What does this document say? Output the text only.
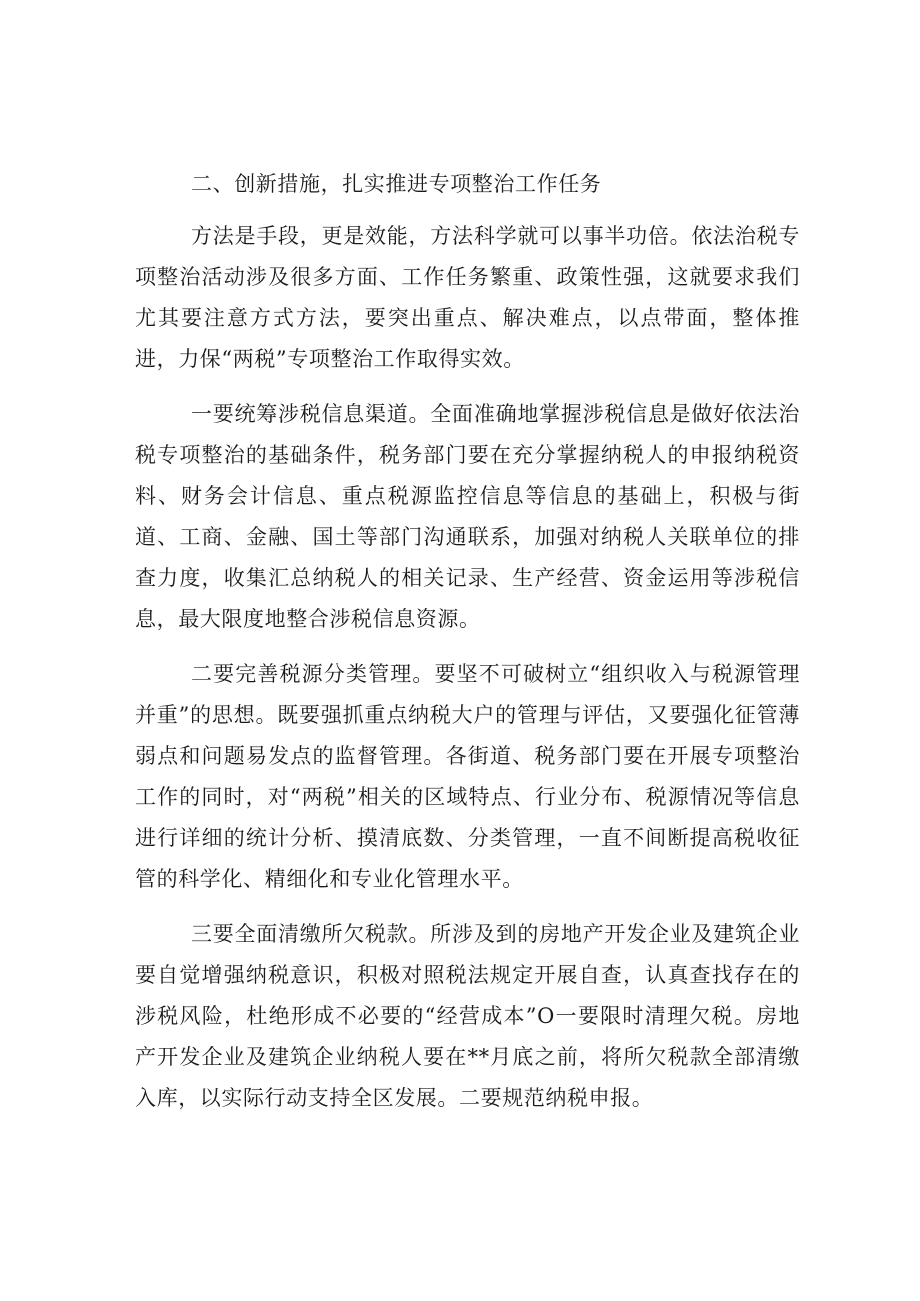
二、创新措施，扎实推进专项整治工作任务

方法是手段，更是效能，方法科学就可以事半功倍。依法治税专项整治活动涉及很多方面、工作任务繁重、政策性强，这就要求我们尤其要注意方式方法，要突出重点、解决难点，以点带面，整体推进，力保“两税”专项整治工作取得实效。

一要统筹涉税信息渠道。全面准确地掌握涉税信息是做好依法治税专项整治的基础条件，税务部门要在充分掌握纳税人的申报纳税资料、财务会计信息、重点税源监控信息等信息的基础上，积极与街道、工商、金融、国土等部门沟通联系，加强对纳税人关联单位的排查力度，收集汇总纳税人的相关记录、生产经营、资金运用等涉税信息，最大限度地整合涉税信息资源。

二要完善税源分类管理。要坚不可破树立“组织收入与税源管理并重”的思想。既要强抓重点纳税大户的管理与评估，又要强化征管薄弱点和问题易发点的监督管理。各街道、税务部门要在开展专项整治工作的同时，对“两税”相关的区域特点、行业分布、税源情况等信息进行详细的统计分析、摸清底数、分类管理，一直不间断提高税收征管的科学化、精细化和专业化管理水平。

三要全面清缴所欠税款。所涉及到的房地产开发企业及建筑企业要自觉增强纳税意识，积极对照税法规定开展自查，认真查找存在的涉税风险，杜绝形成不必要的“经营成本”O一要限时清理欠税。房地产开发企业及建筑企业纳税人要在**月底之前，将所欠税款全部清缴入库，以实际行动支持全区发展。二要规范纳税申报。
